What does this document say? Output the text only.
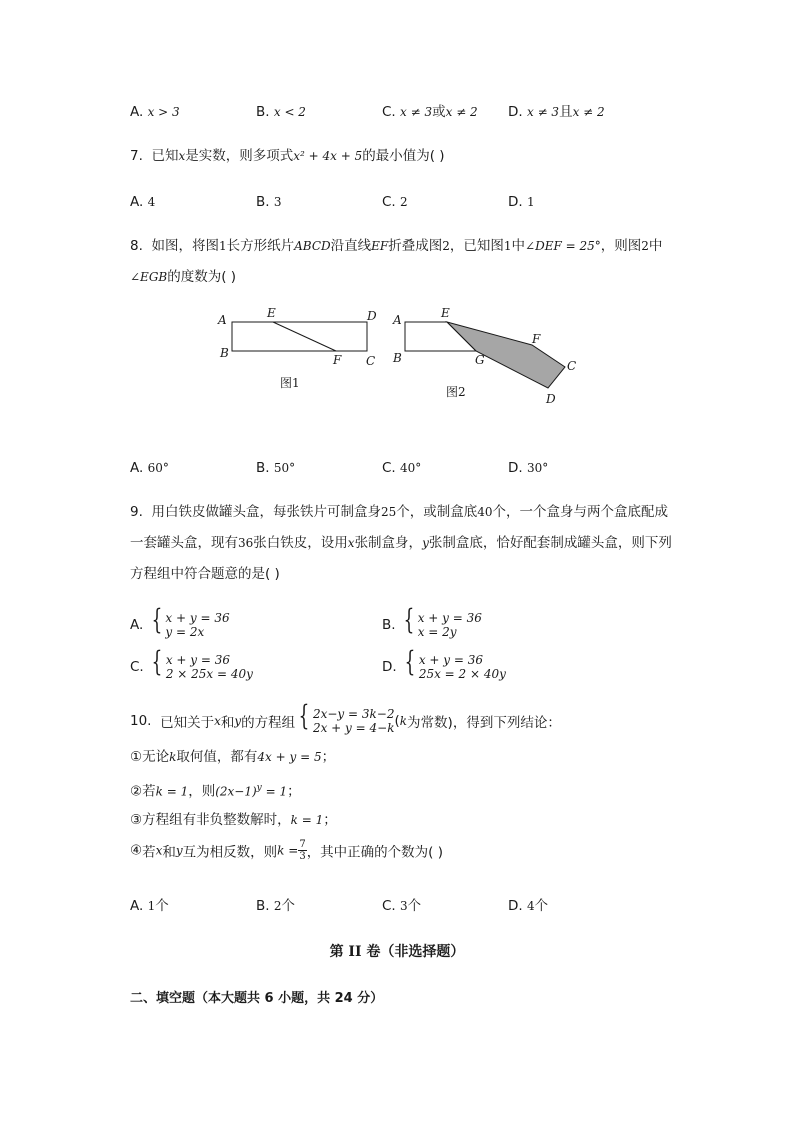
A. x > 3	B. x < 2	C. x ≠ 3或x ≠ 2 D. x ≠ 3且x ≠ 2
7. 已知x是实数，则多项式x² + 4x + 5的最小值为( )
A. 4	B. 3	C. 2	D. 1
8. 如图，将图1长方形纸片ABCD沿直线EF折叠成图2，已知图1中∠DEF = 25°，则图2中
∠EGB的度数为( )
A
B
E	D
F C
图1
A
B
E
G
F
C
D
图2
A. 60°	B. 50°	C. 40°	D. 30°
9. 用白铁皮做罐头盒，每张铁片可制盒身25个，或制盒底40个，一个盒身与两个盒底配成
一套罐头盒，现有36张白铁皮，设用x张制盒身，y张制盒底，恰好配套制成罐头盒，则下列
方程组中符合题意的是( )
A. { x + y = 36
y = 2x	B. { x + y = 36
x = 2y
C. { x + y = 36
2 × 25x = 40y	D. { x + y = 36
25x = 2 × 40y
10. 已知关于x和y的方程组 { 2x−y = 3k−2
2x + y = 4−k (k为常数)，得到下列结论：
①无论k取何值，都有4x + y = 5；
②若k = 1，则$(2x-1)^y = 1$；
③方程组有非负整数解时，k = 1；
④若x和y互为相反数，则$k = \frac{7}{3}$ ，其中正确的个数为( )
A. 1个	B. 2个	C. 3个	D. 4个
第 II 卷（非选择题）
二、填空题（本大题共 6 小题，共 24 分）
